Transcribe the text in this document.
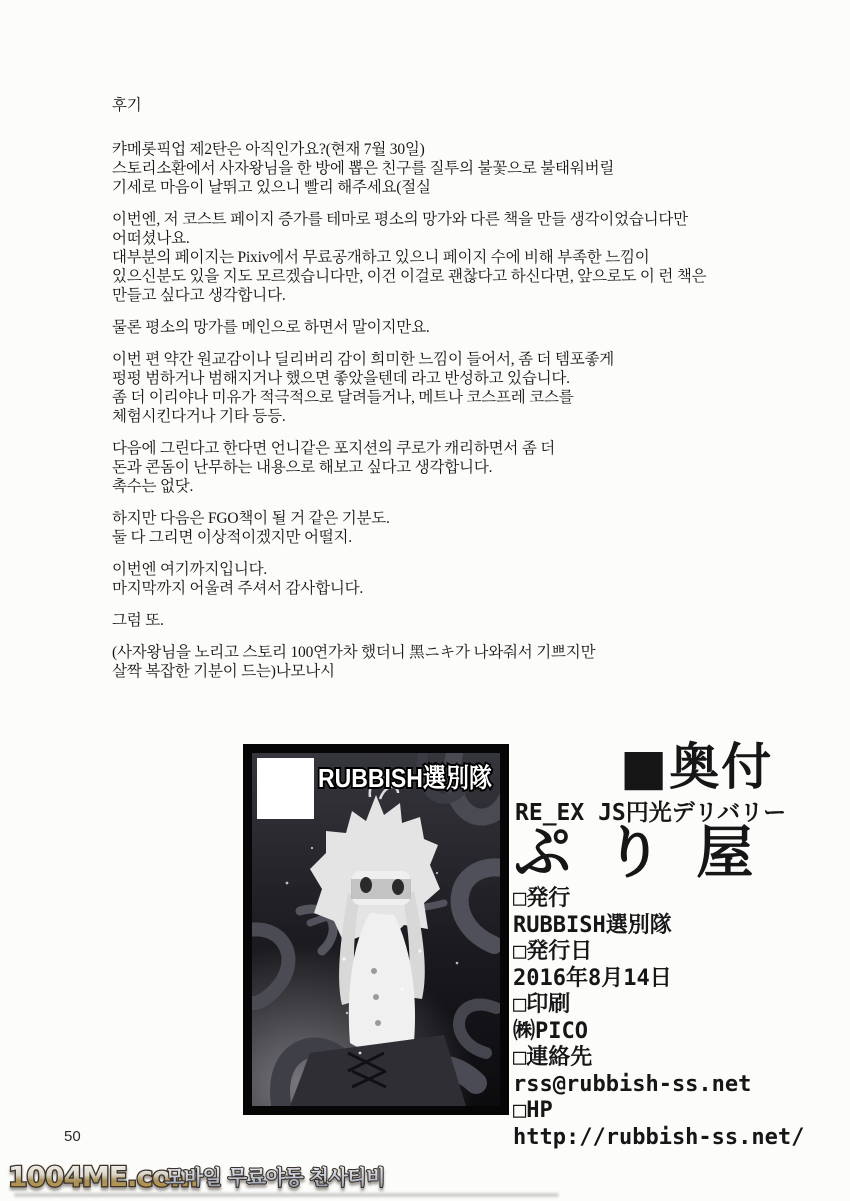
후기
캬메롯픽업 제2탄은 아직인가요?(현재 7월 30일)
스토리소환에서 사자왕님을 한 방에 뽑은 친구를 질투의 불꽃으로 불태워버릴
기세로 마음이 날뛰고 있으니 빨리 해주세요(절실
이번엔, 저 코스트 페이지 증가를 테마로 평소의 망가와 다른 책을 만들 생각이었습니다만
어떠셨나요.
대부분의 페이지는 Pixiv에서 무료공개하고 있으니 페이지 수에 비해 부족한 느낌이
있으신분도 있을 지도 모르겠습니다만, 이건 이걸로 괜찮다고 하신다면, 앞으로도 이 런 책은
만들고 싶다고 생각합니다.
물론 평소의 망가를 메인으로 하면서 말이지만요.
이번 편 약간 원교감이나 딜리버리 감이 희미한 느낌이 들어서, 좀 더 템포좋게
펑펑 범하거나 범해지거나 했으면 좋았을텐데 라고 반성하고 있습니다.
좀 더 이리야나 미유가 적극적으로 달려들거나, 메트나 코스프레 코스를
체험시킨다거나 기타 등등.
다음에 그린다고 한다면 언니같은 포지션의 쿠로가 캐리하면서 좀 더
돈과 콘돔이 난무하는 내용으로 해보고 싶다고 생각합니다.
촉수는 없닷.
하지만 다음은 FGO책이 될 거 같은 기분도.
둘 다 그리면 이상적이겠지만 어떨지.
이번엔 여기까지입니다.
마지막까지 어울려 주셔서 감사합니다.
그럼 또.
(사자왕님을 노리고 스토리 100연가차 했더니 黑ニキ가 나와줘서 기쁘지만
살짝 복잡한 기분이 드는)나모나시
RUBBISH選別隊	■奥付
RE_EX JS円光デリバリー
ぷり屋
□発行
RUBBISH選別隊
□発行日
2016年8月14日
□印刷
㈱PICO
□連絡先
rss@rubbish-ss.net
□HP
http://rubbish-ss.net/
50
1004ME.com
모바일 무료야동 천사티비
